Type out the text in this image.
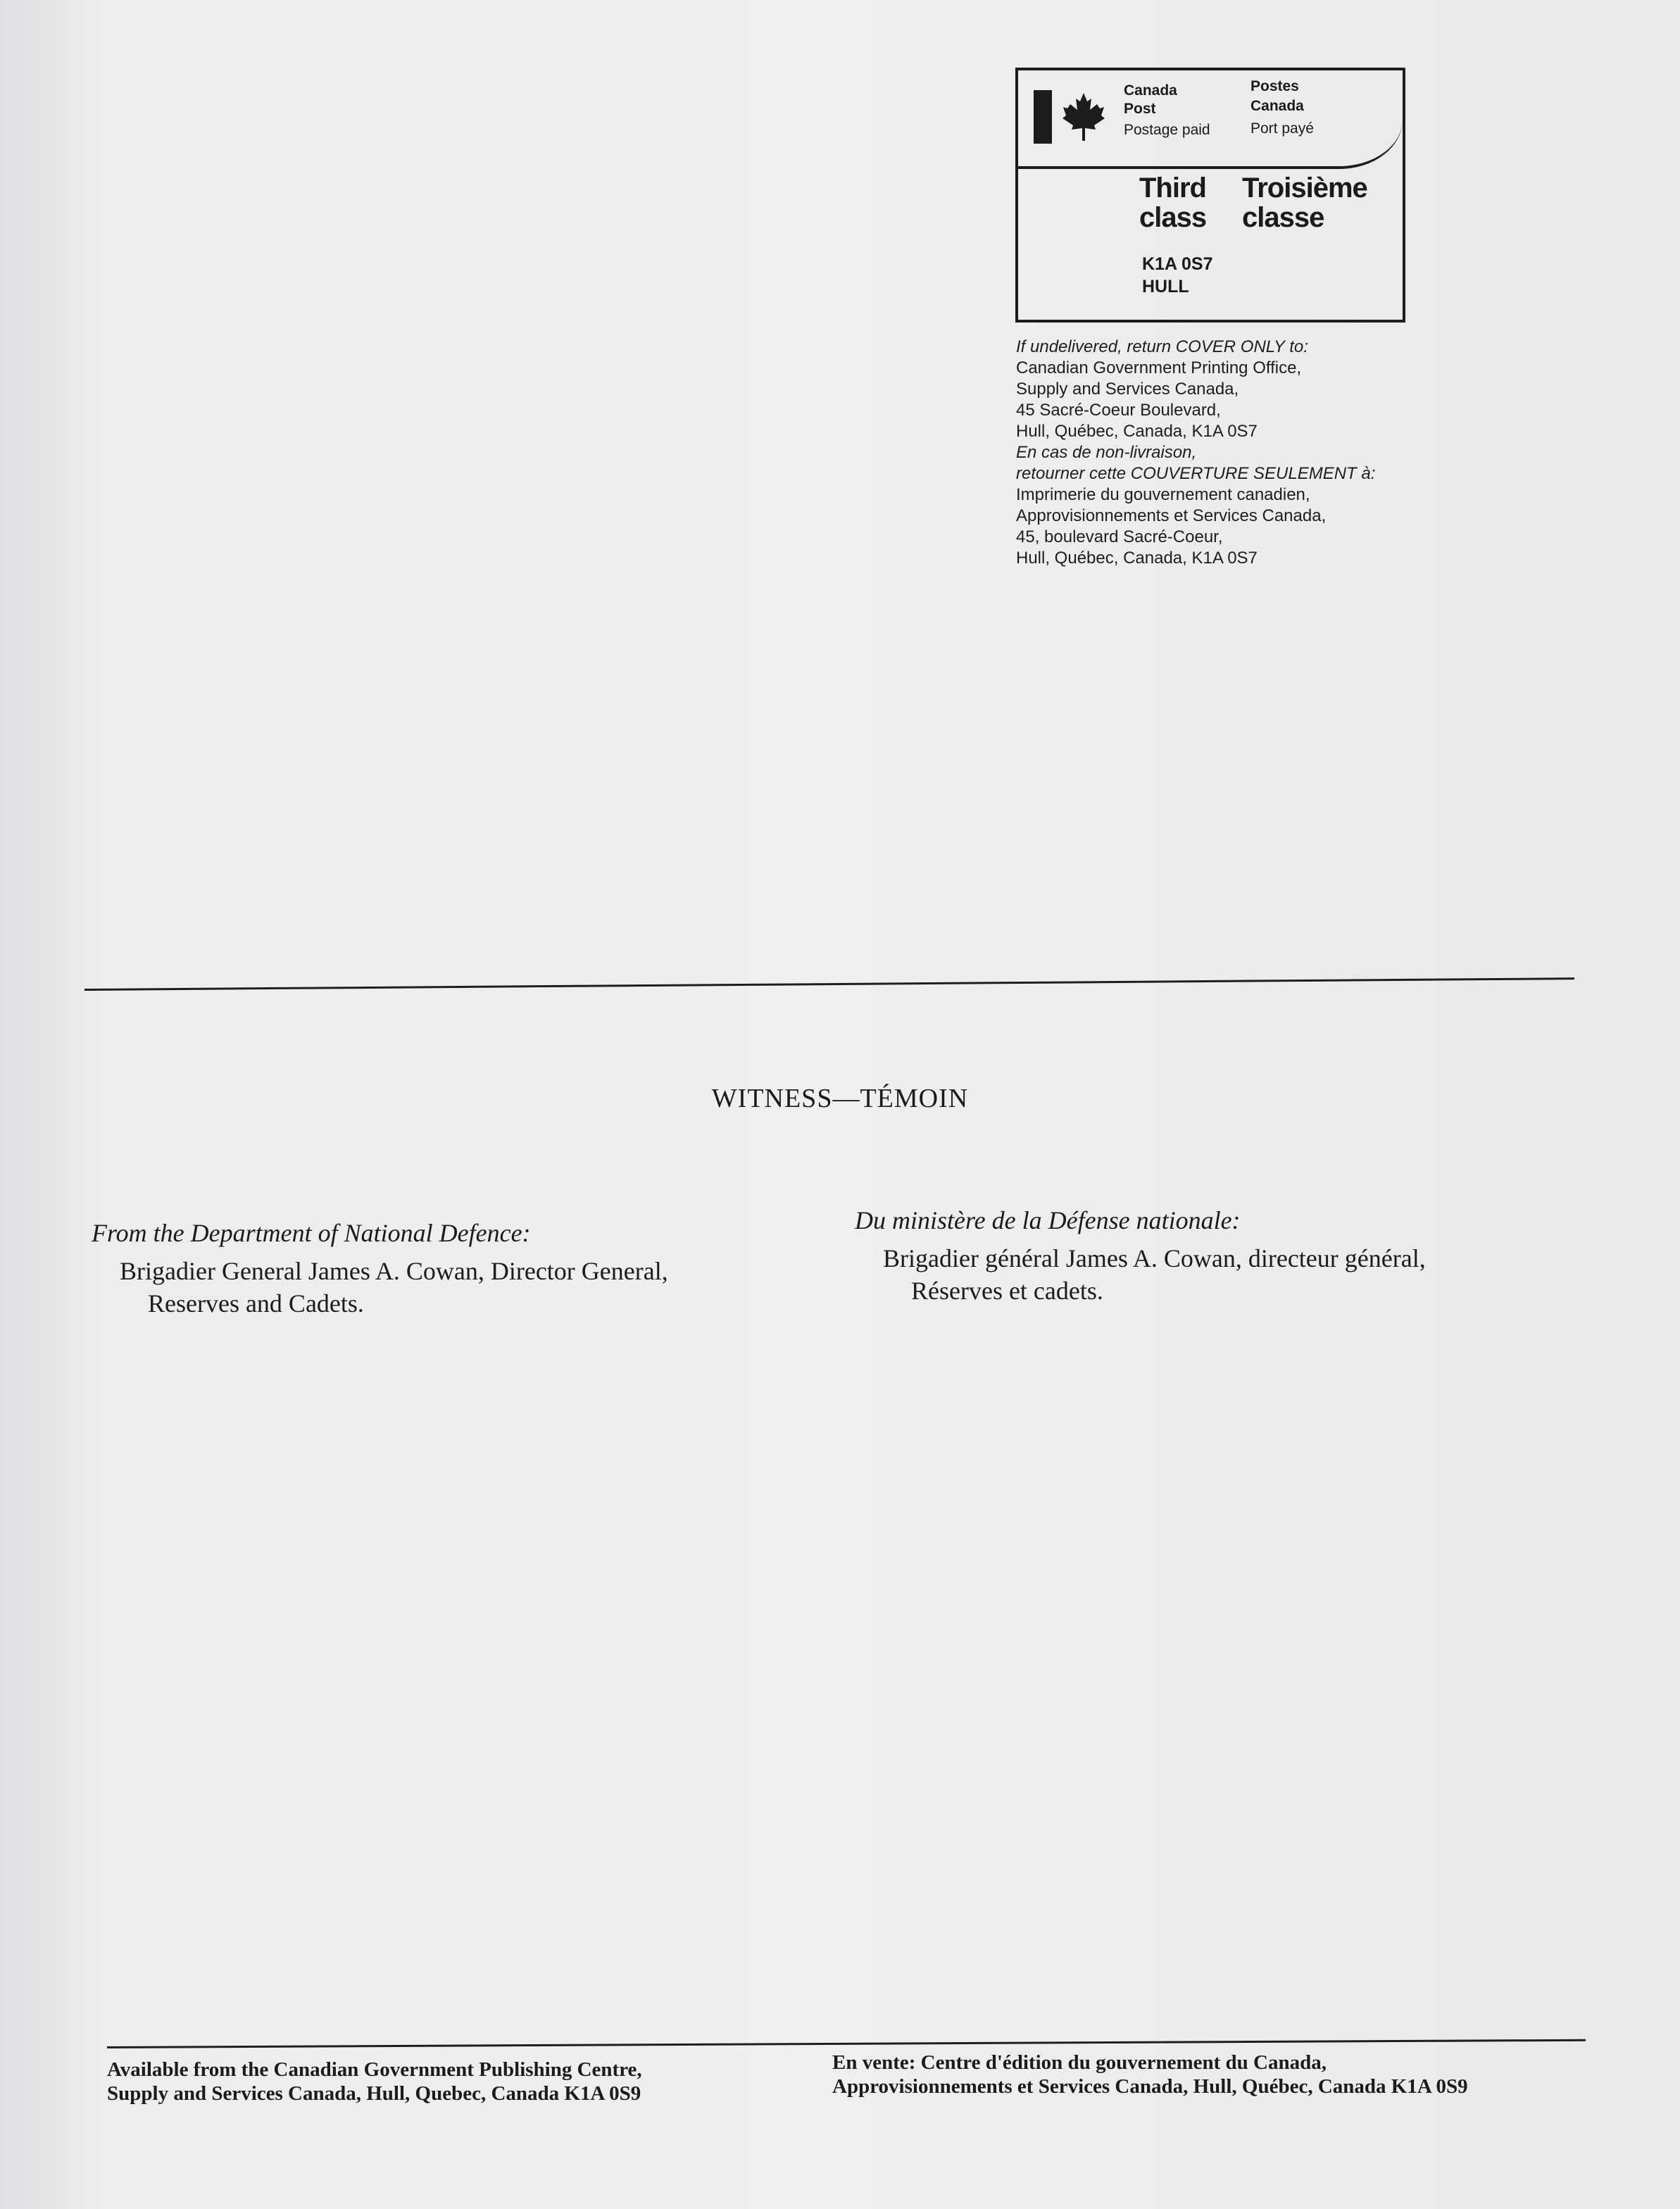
Canada
Post
Postage paid
Postes
Canada
Port payé
Third
class
Troisième
classe
K1A 0S7
HULL
If undelivered, return COVER ONLY to:
Canadian Government Printing Office,
Supply and Services Canada,
45 Sacré-Coeur Boulevard,
Hull, Québec, Canada, K1A 0S7
En cas de non-livraison,
retourner cette COUVERTURE SEULEMENT à:
Imprimerie du gouvernement canadien,
Approvisionnements et Services Canada,
45, boulevard Sacré-Coeur,
Hull, Québec, Canada, K1A 0S7
WITNESS—TÉMOIN
From the Department of National Defence:
Brigadier General James A. Cowan, Director General,
Reserves and Cadets.
Du ministère de la Défense nationale:
Brigadier général James A. Cowan, directeur général,
Réserves et cadets.
Available from the Canadian Government Publishing Centre,
Supply and Services Canada, Hull, Quebec, Canada K1A 0S9
En vente: Centre d'édition du gouvernement du Canada,
Approvisionnements et Services Canada, Hull, Québec, Canada K1A 0S9
